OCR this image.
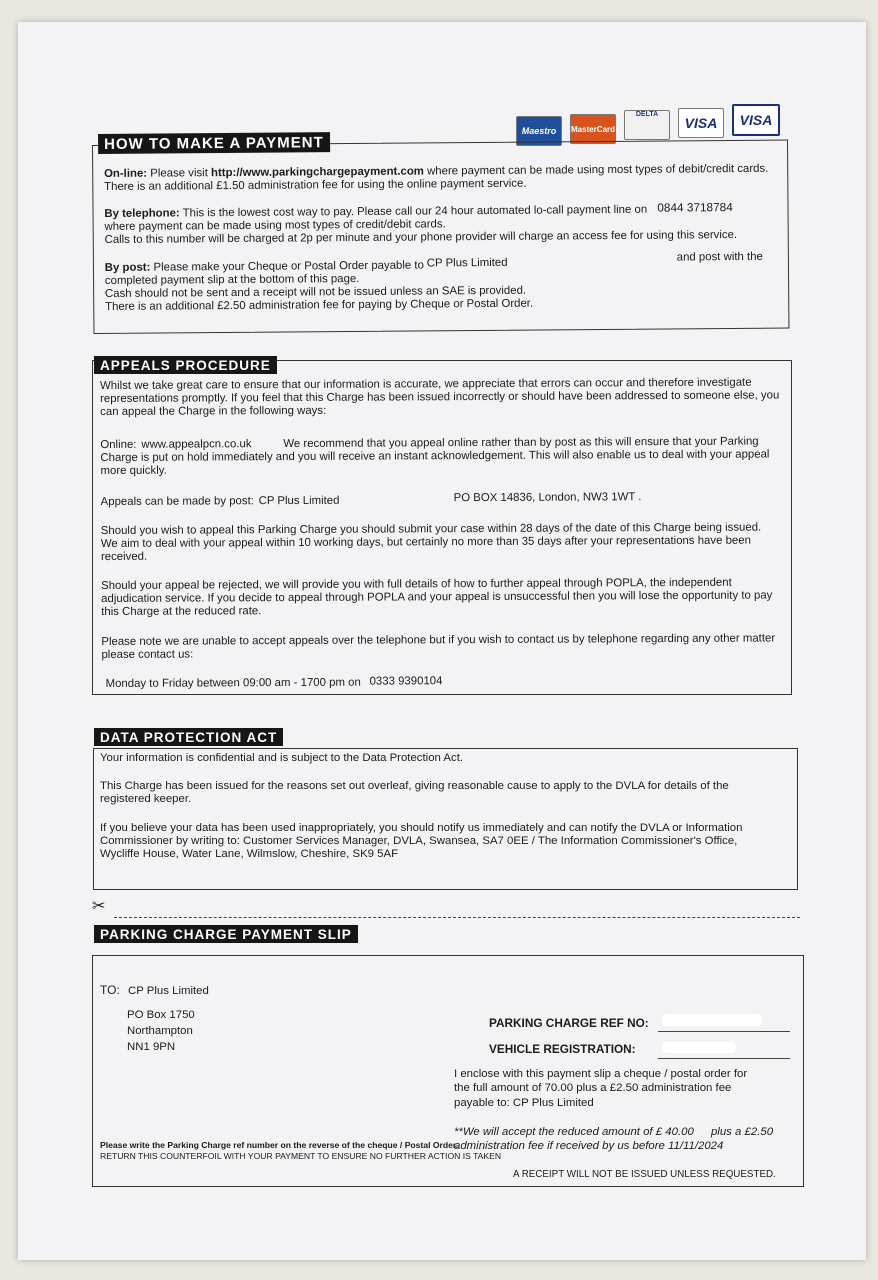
Maestro	MasterCard
DELTA
VISA	VISA
HOW TO MAKE A PAYMENT
On-line: Please visit http://www.parkingchargepayment.com where payment can be made using most types of debit/credit cards.
There is an additional £1.50 administration fee for using the online payment service.
By telephone: This is the lowest cost way to pay. Please call our 24 hour automated lo-call payment line on 0844 3718784
where payment can be made using most types of credit/debit cards.
Calls to this number will be charged at 2p per minute and your phone provider will charge an access fee for using this service.
By post: Please make your Cheque or Postal Order payable to CP Plus Limited	and post with the
completed payment slip at the bottom of this page.
Cash should not be sent and a receipt will not be issued unless an SAE is provided.
There is an additional £2.50 administration fee for paying by Cheque or Postal Order.
APPEALS PROCEDURE
Whilst we take great care to ensure that our information is accurate, we appreciate that errors can occur and therefore investigate representations promptly. If you feel that this Charge has been issued incorrectly or should have been addressed to someone else, you can appeal the Charge in the following ways:
Online: www.appealpcn.co.uk	We recommend that you appeal online rather than by post as this will ensure that your Parking
Charge is put on hold immediately and you will receive an instant acknowledgement. This will also enable us to deal with your appeal more quickly.
Appeals can be made by post: CP Plus Limited	PO BOX 14836, London, NW3 1WT .
Should you wish to appeal this Parking Charge you should submit your case within 28 days of the date of this Charge being issued. We aim to deal with your appeal within 10 working days, but certainly no more than 35 days after your representations have been received.
Should your appeal be rejected, we will provide you with full details of how to further appeal through POPLA, the independent adjudication service. If you decide to appeal through POPLA and your appeal is unsuccessful then you will lose the opportunity to pay this Charge at the reduced rate.
Please note we are unable to accept appeals over the telephone but if you wish to contact us by telephone regarding any other matter please contact us:
Monday to Friday between 09:00 am - 1700 pm on 0333 9390104
DATA PROTECTION ACT
Your information is confidential and is subject to the Data Protection Act.
This Charge has been issued for the reasons set out overleaf, giving reasonable cause to apply to the DVLA for details of the registered keeper.
If you believe your data has been used inappropriately, you should notify us immediately and can notify the DVLA or Information Commissioner by writing to: Customer Services Manager, DVLA, Swansea, SA7 0EE / The Information Commissioner's Office, Wycliffe House, Water Lane, Wilmslow, Cheshire, SK9 5AF
✂
PARKING CHARGE PAYMENT SLIP
TO: CP Plus Limited
PO Box 1750
Northampton
NN1 9PN
PARKING CHARGE REF NO:
VEHICLE REGISTRATION:
I enclose with this payment slip a cheque / postal order for
the full amount of 70.00 plus a £2.50 administration fee
payable to: CP Plus Limited
**We will accept the reduced amount of £ 40.00 plus a £2.50
administration fee if received by us before 11/11/2024
Please write the Parking Charge ref number on the reverse of the cheque / Postal Order.
RETURN THIS COUNTERFOIL WITH YOUR PAYMENT TO ENSURE NO FURTHER ACTION IS TAKEN
A RECEIPT WILL NOT BE ISSUED UNLESS REQUESTED.
